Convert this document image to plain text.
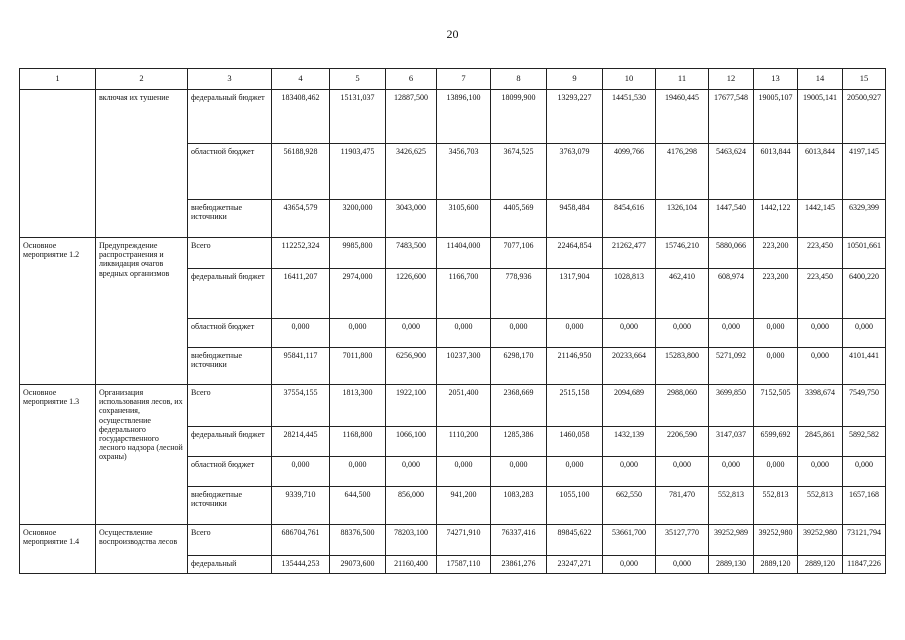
20
1	2	3	4	5	6	7	8	9	10	11	12	13	14	15
	включая их тушение	федеральный бюджет	183408,462	15131,037	12887,500	13896,100	18099,900	13293,227	14451,530	19460,445	17677,548	19005,107	19005,141	20500,927
		областной бюджет	56188,928	11903,475	3426,625	3456,703	3674,525	3763,079	4099,766	4176,298	5463,624	6013,844	6013,844	4197,145
		внебюджетные источники	43654,579	3200,000	3043,000	3105,600	4405,569	9458,484	8454,616	1326,104	1447,540	1442,122	1442,145	6329,399
Основное мероприятие 1.2	Предупреждение распространения и ликвидация очагов вредных организмов	Всего	112252,324	9985,800	7483,500	11404,000	7077,106	22464,854	21262,477	15746,210	5880,066	223,200	223,450	10501,661
		федеральный бюджет	16411,207	2974,000	1226,600	1166,700	778,936	1317,904	1028,813	462,410	608,974	223,200	223,450	6400,220
		областной бюджет	0,000	0,000	0,000	0,000	0,000	0,000	0,000	0,000	0,000	0,000	0,000	0,000
		внебюджетные источники	95841,117	7011,800	6256,900	10237,300	6298,170	21146,950	20233,664	15283,800	5271,092	0,000	0,000	4101,441
Основное мероприятие 1.3	Организация использования лесов, их сохранения, осуществление федерального государственного лесного надзора (лесной охраны)	Всего	37554,155	1813,300	1922,100	2051,400	2368,669	2515,158	2094,689	2988,060	3699,850	7152,505	3398,674	7549,750
		федеральный бюджет	28214,445	1168,800	1066,100	1110,200	1285,386	1460,058	1432,139	2206,590	3147,037	6599,692	2845,861	5892,582
		областной бюджет	0,000	0,000	0,000	0,000	0,000	0,000	0,000	0,000	0,000	0,000	0,000	0,000
		внебюджетные источники	9339,710	644,500	856,000	941,200	1083,283	1055,100	662,550	781,470	552,813	552,813	552,813	1657,168
Основное мероприятие 1.4	Осуществление воспроизводства лесов	Всего	686704,761	88376,500	78203,100	74271,910	76337,416	89845,622	53661,700	35127,770	39252,989	39252,980	39252,980	73121,794
		федеральный	135444,253	29073,600	21160,400	17587,110	23861,276	23247,271	0,000	0,000	2889,130	2889,120	2889,120	11847,226
